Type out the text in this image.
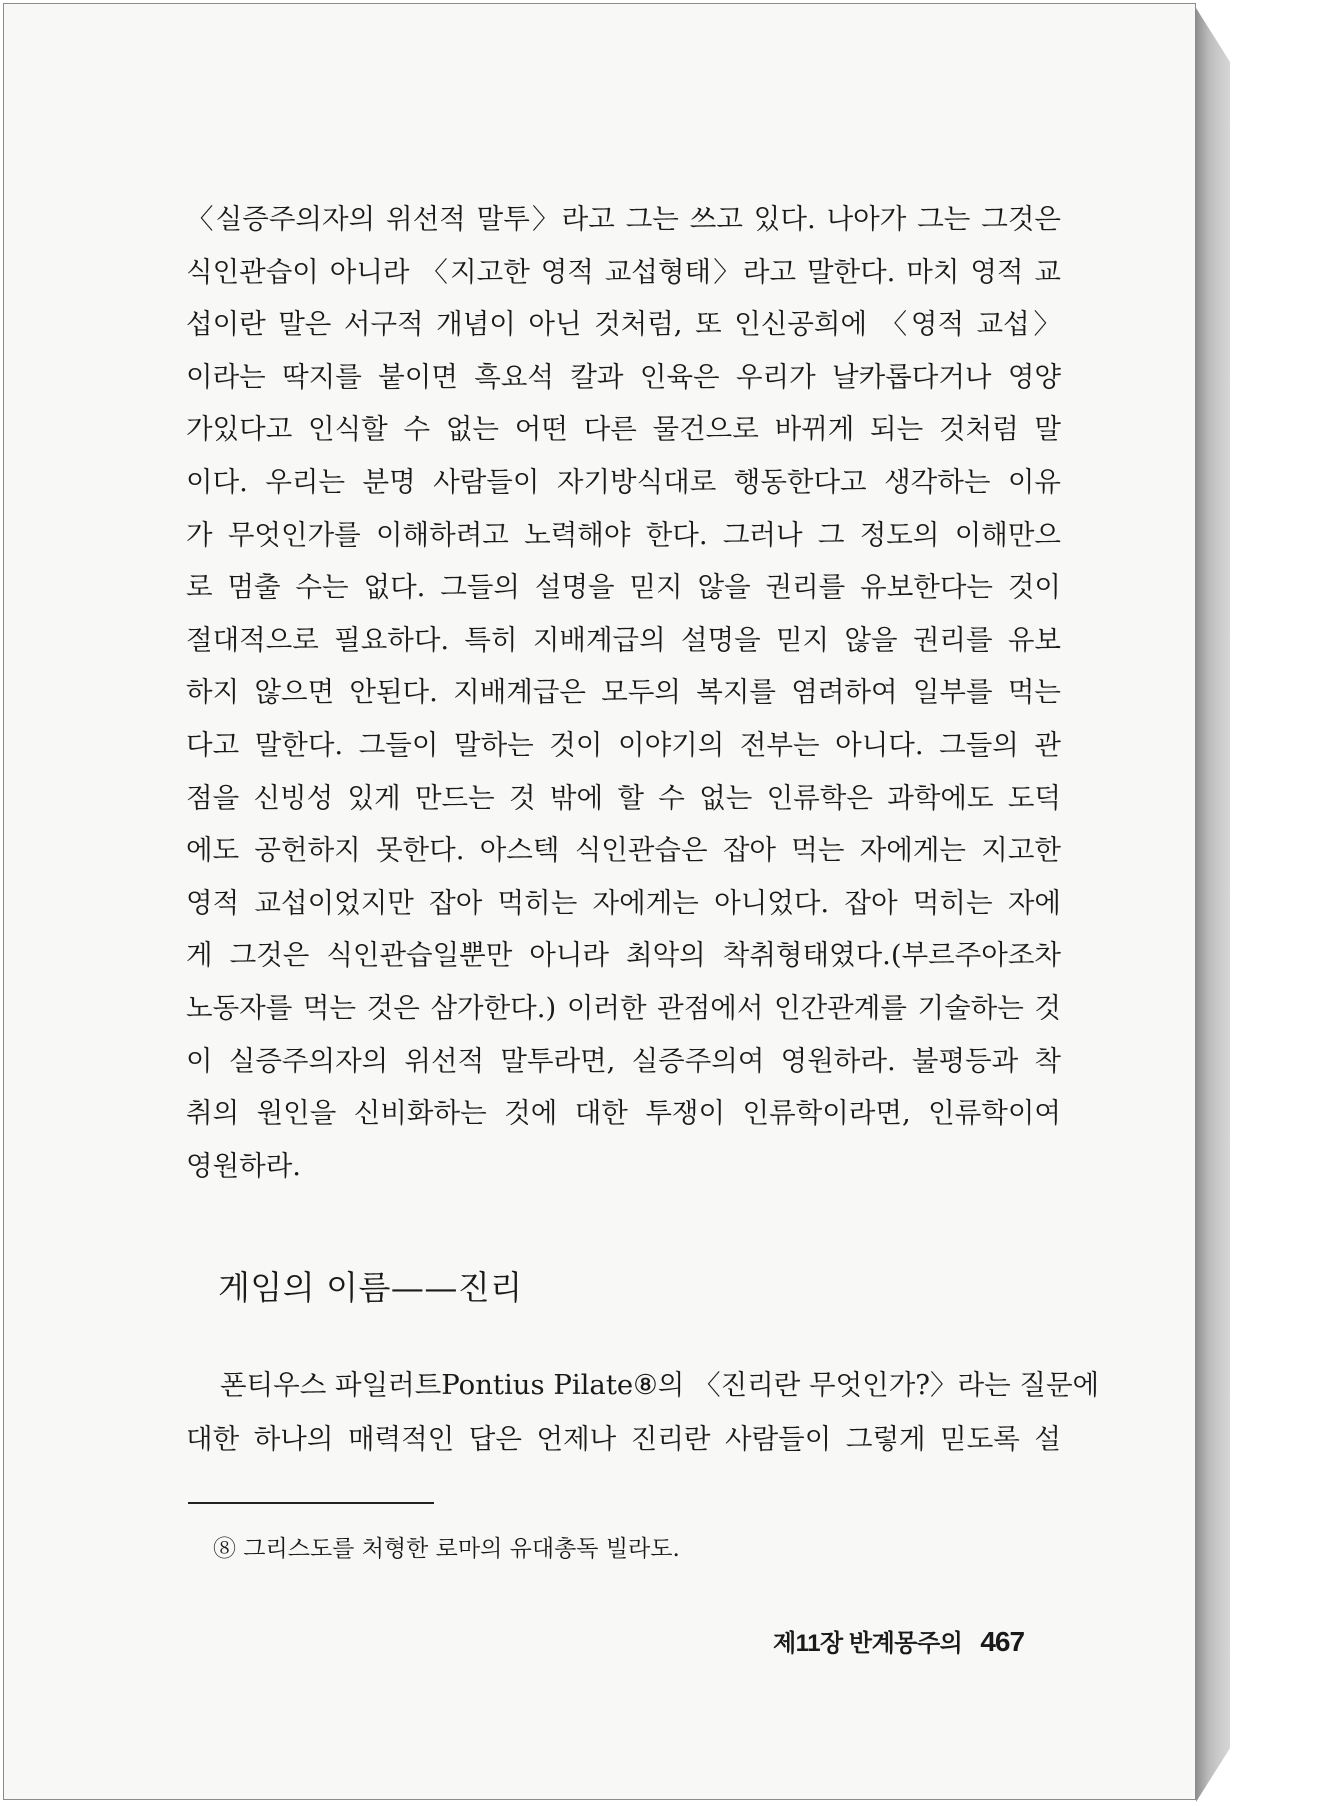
〈실증주의자의 위선적 말투〉라고 그는 쓰고 있다. 나아가 그는 그것은
식인관습이 아니라 〈지고한 영적 교섭형태〉라고 말한다. 마치 영적 교
섭이란 말은 서구적 개념이 아닌 것처럼, 또 인신공희에 〈영적 교섭〉
이라는 딱지를 붙이면 흑요석 칼과 인육은 우리가 날카롭다거나 영양
가있다고 인식할 수 없는 어떤 다른 물건으로 바뀌게 되는 것처럼 말
이다. 우리는 분명 사람들이 자기방식대로 행동한다고 생각하는 이유
가 무엇인가를 이해하려고 노력해야 한다. 그러나 그 정도의 이해만으
로 멈출 수는 없다. 그들의 설명을 믿지 않을 권리를 유보한다는 것이
절대적으로 필요하다. 특히 지배계급의 설명을 믿지 않을 권리를 유보
하지 않으면 안된다. 지배계급은 모두의 복지를 염려하여 일부를 먹는
다고 말한다. 그들이 말하는 것이 이야기의 전부는 아니다. 그들의 관
점을 신빙성 있게 만드는 것 밖에 할 수 없는 인류학은 과학에도 도덕
에도 공헌하지 못한다. 아스텍 식인관습은 잡아 먹는 자에게는 지고한
영적 교섭이었지만 잡아 먹히는 자에게는 아니었다. 잡아 먹히는 자에
게 그것은 식인관습일뿐만 아니라 최악의 착취형태였다.(부르주아조차
노동자를 먹는 것은 삼가한다.) 이러한 관점에서 인간관계를 기술하는 것
이 실증주의자의 위선적 말투라면, 실증주의여 영원하라. 불평등과 착
취의 원인을 신비화하는 것에 대한 투쟁이 인류학이라면, 인류학이여
영원하라.
게임의 이름——진리
폰티우스 파일러트Pontius Pilate⑧의 〈진리란 무엇인가?〉라는 질문에
대한 하나의 매력적인 답은 언제나 진리란 사람들이 그렇게 믿도록 설

⑧ 그리스도를 처형한 로마의 유대총독 빌라도.

제11장 반계몽주의 467
